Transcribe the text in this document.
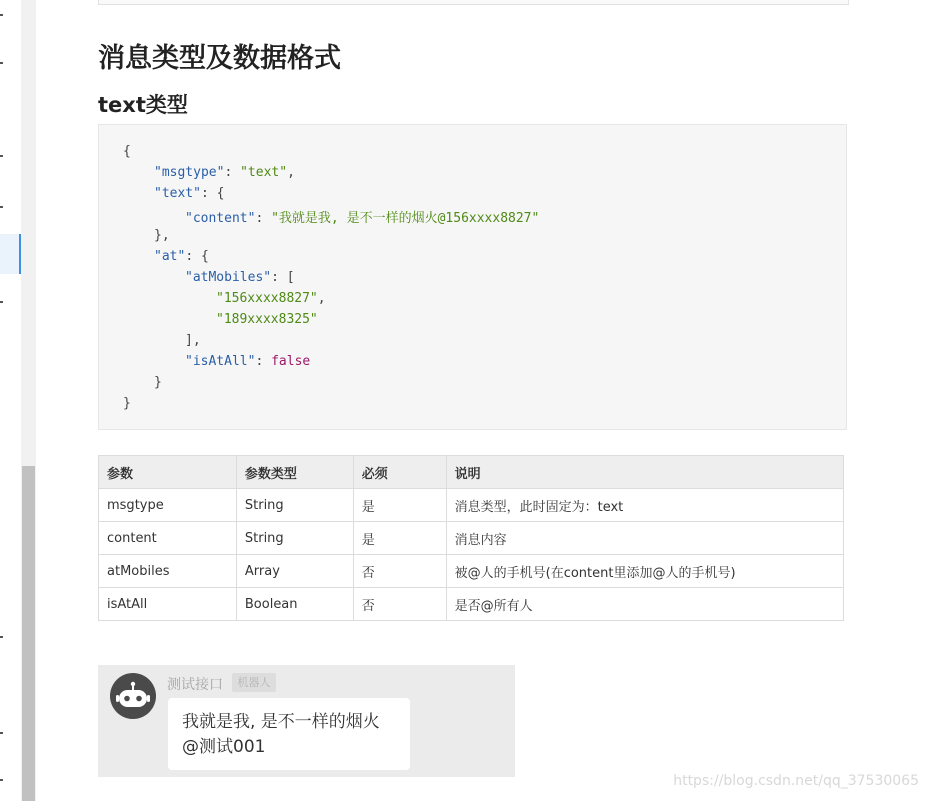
消息类型及数据格式
text类型
{
"msgtype": "text",
"text": {
"content": "我就是我, 是不一样的烟火@156xxxx8827"
},
"at": {
"atMobiles": [
"156xxxx8827",
"189xxxx8325"
],
"isAtAll": false
}
}
参数	参数类型	必须	说明
msgtype	String	是	消息类型，此时固定为：text
content	String	是	消息内容
atMobiles	Array	否	被@人的手机号(在content里添加@人的手机号)
isAtAll	Boolean	否	是否@所有人
测试接口	机器人
我就是我, 是不一样的烟火
@测试001
https://blog.csdn.net/qq_37530065
